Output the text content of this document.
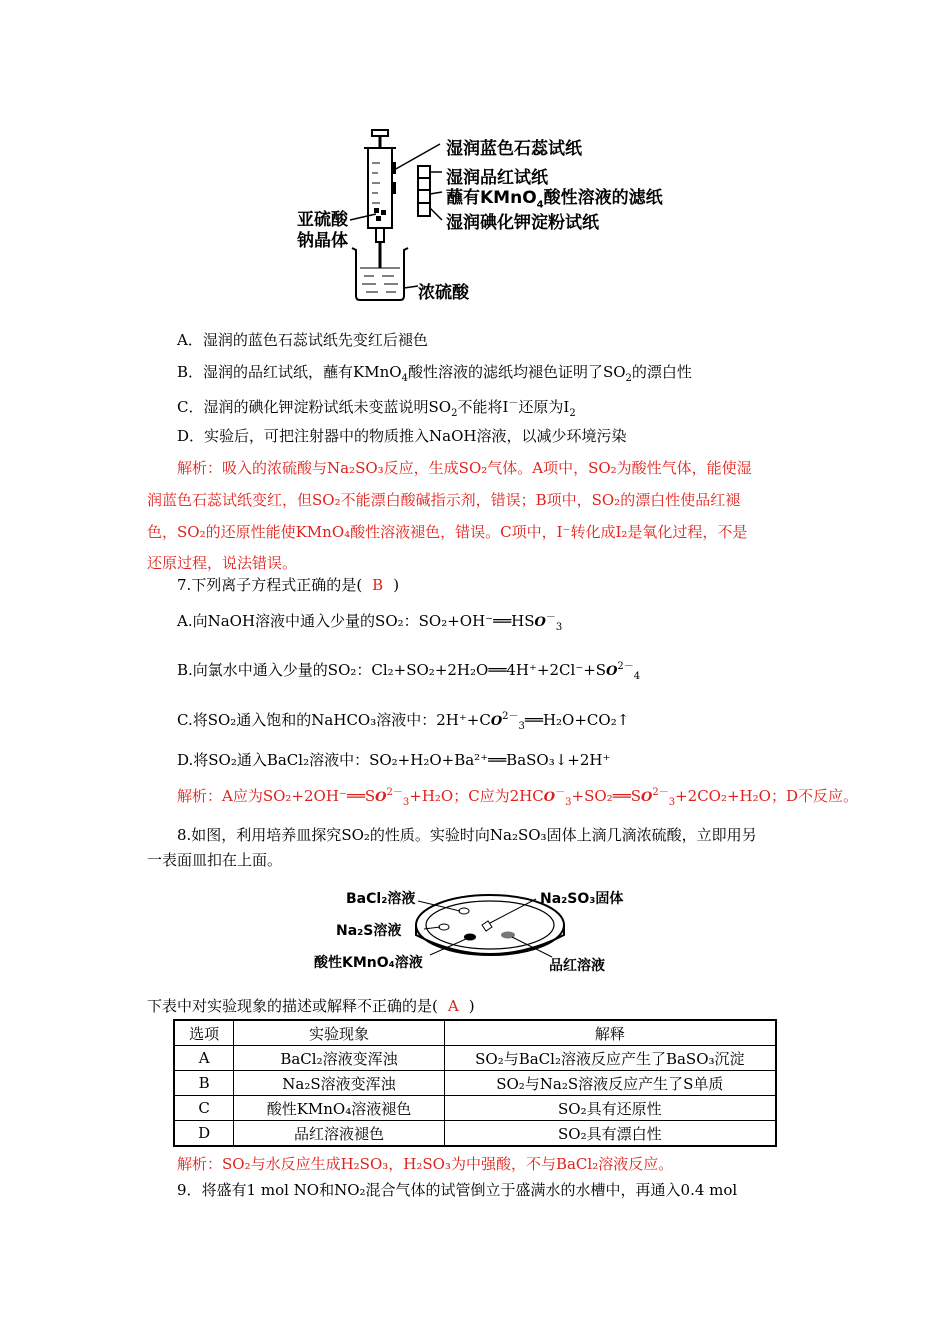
湿润蓝色石蕊试纸
湿润品红试纸
蘸有KMnO$_4$酸性溶液的滤纸
湿润碘化钾淀粉试纸
亚硫酸
钠晶体
浓硫酸
A．湿润的蓝色石蕊试纸先变红后褪色
B．湿润的品红试纸，蘸有KMnO$_4$酸性溶液的滤纸均褪色证明了$SO_2$的漂白性
C．湿润的碘化钾淀粉试纸未变蓝说明$SO_2$不能将I－还原为$I_2$
D．实验后，可把注射器中的物质推入NaOH溶液，以减少环境污染
解析：吸入的浓硫酸与Na₂SO₃反应，生成SO₂气体。A项中，SO₂为酸性气体，能使湿
润蓝色石蕊试纸变红，但SO₂不能漂白酸碱指示剂，错误；B项中，SO₂的漂白性使品红褪
色，SO₂的还原性能使KMnO₄酸性溶液褪色，错误。C项中，I⁻转化成I₂是氧化过程，不是
还原过程，说法错误。
7.下列离子方程式正确的是( B )
A.向NaOH溶液中通入少量的SO₂：$SO_2+OH^-══HSO^-_3$
B.向氯水中通入少量的SO₂：$Cl_2+SO_2+2H_2O══4H^++2Cl^-+SO^{2-}_4$
C.将SO₂通入饱和的NaHCO₃溶液中：$2H^++CO^{2-}_3══H_2O+CO_2↑$
D.将SO₂通入BaCl₂溶液中：SO₂+H₂O+Ba²⁺══BaSO₃↓+2H⁺
解析：A应为$SO_2+2OH^-══SO^{2-}_3+H_2O$；C应为$2HCO^-_3+SO_2══SO^{2-}_3+2CO_2+H_2O$；D不反应。
8.如图，利用培养皿探究SO₂的性质。实验时向Na₂SO₃固体上滴几滴浓硫酸，立即用另
一表面皿扣在上面。
BaCl₂溶液	Na₂SO₃固体
Na₂S溶液
酸性KMnO₄溶液	品红溶液
下表中对实验现象的描述或解释不正确的是( A )
选项	实验现象	解释
A	BaCl₂溶液变浑浊	SO₂与BaCl₂溶液反应产生了BaSO₃沉淀
B	Na₂S溶液变浑浊	SO₂与Na₂S溶液反应产生了S单质
C	酸性KMnO₄溶液褪色	SO₂具有还原性
D	品红溶液褪色	SO₂具有漂白性
解析：SO₂与水反应生成H₂SO₃，H₂SO₃为中强酸，不与BaCl₂溶液反应。
9．将盛有1 mol NO和NO₂混合气体的试管倒立于盛满水的水槽中，再通入0.4 mol
